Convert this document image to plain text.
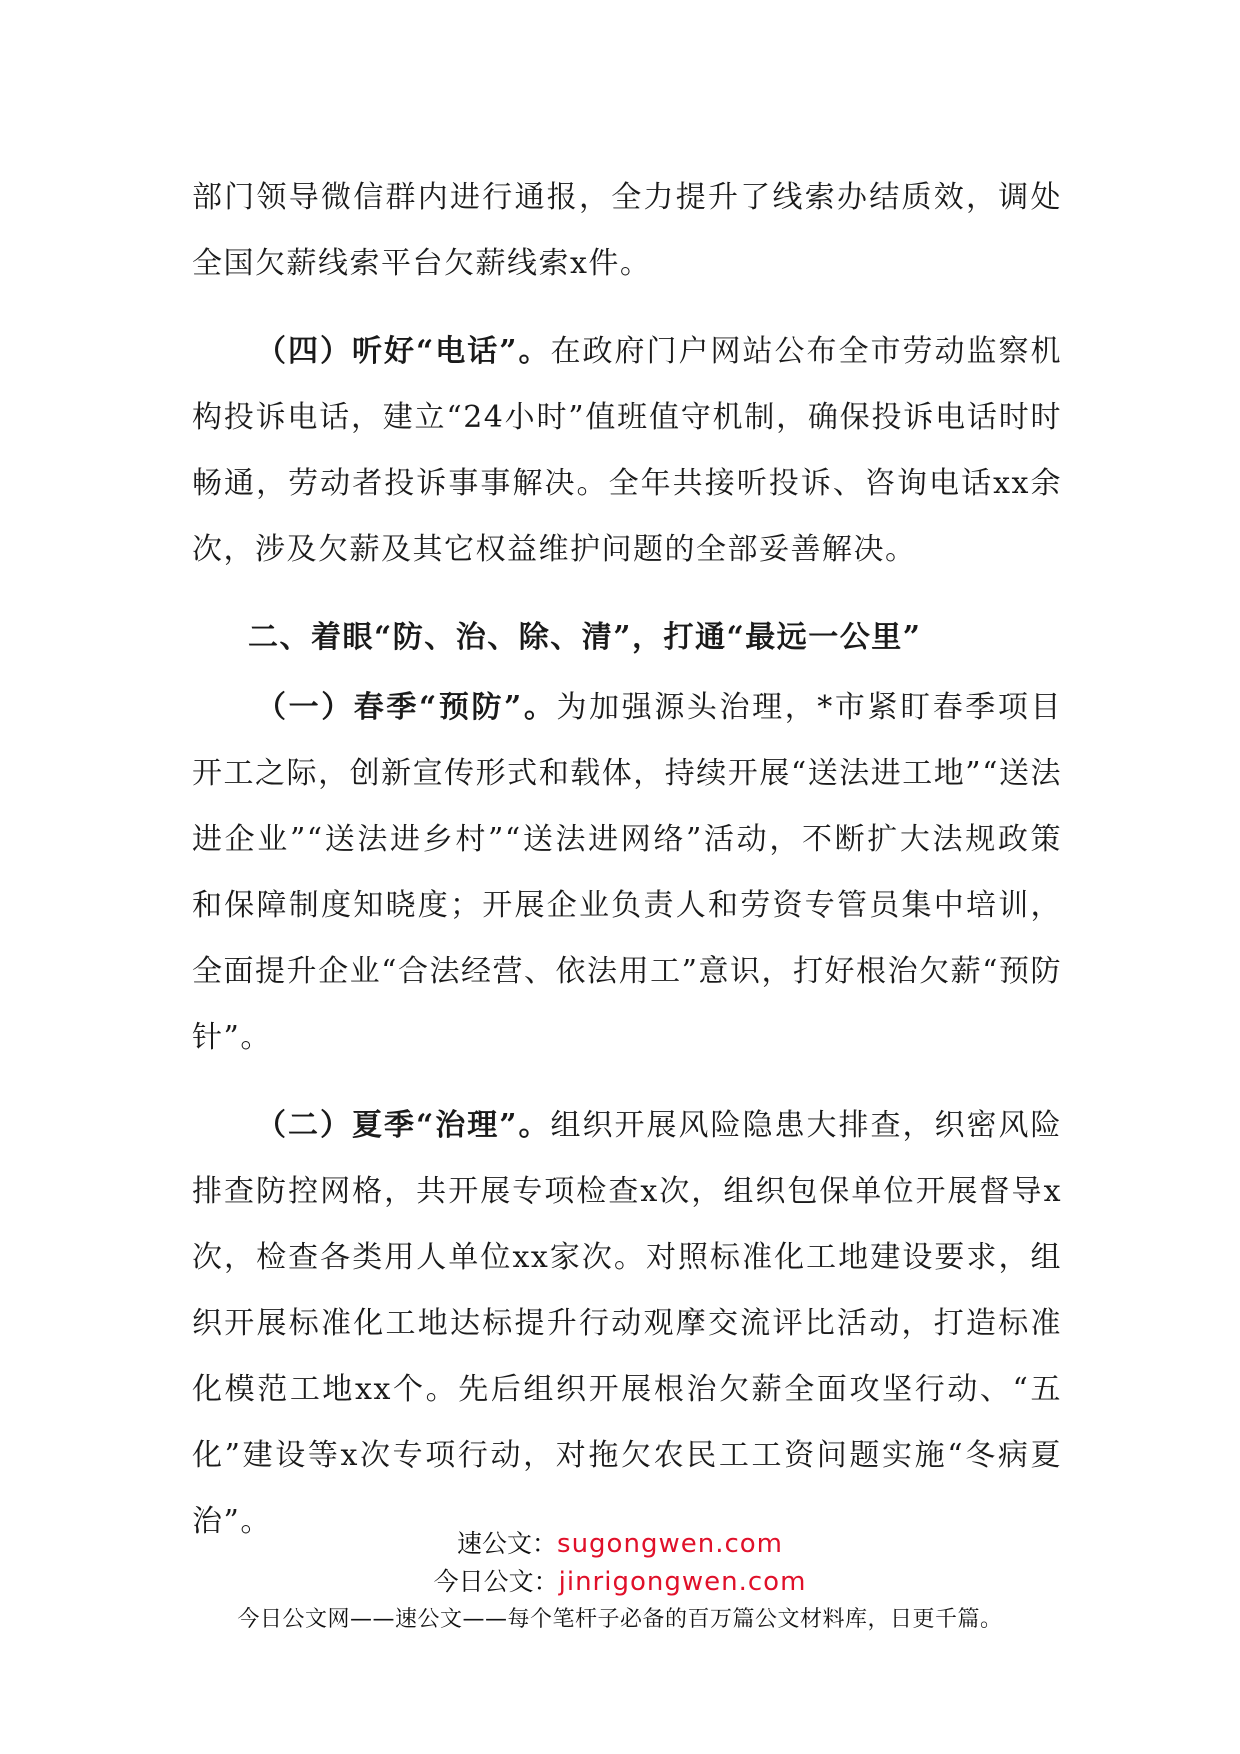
部门领导微信群内进行通报，全力提升了线索办结质效，调处全国欠薪线索平台欠薪线索x件。

（四）听好“电话”。在政府门户网站公布全市劳动监察机构投诉电话，建立“24小时”值班值守机制，确保投诉电话时时畅通，劳动者投诉事事解决。全年共接听投诉、咨询电话xx余次，涉及欠薪及其它权益维护问题的全部妥善解决。

二、着眼“防、治、除、清”，打通“最远一公里”

（一）春季“预防”。为加强源头治理，*市紧盯春季项目开工之际，创新宣传形式和载体，持续开展“送法进工地”“送法进企业”“送法进乡村”“送法进网络”活动，不断扩大法规政策和保障制度知晓度；开展企业负责人和劳资专管员集中培训，全面提升企业“合法经营、依法用工”意识，打好根治欠薪“预防针”。

（二）夏季“治理”。组织开展风险隐患大排查，织密风险排查防控网格，共开展专项检查x次，组织包保单位开展督导x次，检查各类用人单位xx家次。对照标准化工地建设要求，组织开展标准化工地达标提升行动观摩交流评比活动，打造标准化模范工地xx个。先后组织开展根治欠薪全面攻坚行动、“五化”建设等x次专项行动，对拖欠农民工工资问题实施“冬病夏治”。

速公文：sugongwen.com
今日公文：jinrigongwen.com
今日公文网——速公文——每个笔杆子必备的百万篇公文材料库，日更千篇。
